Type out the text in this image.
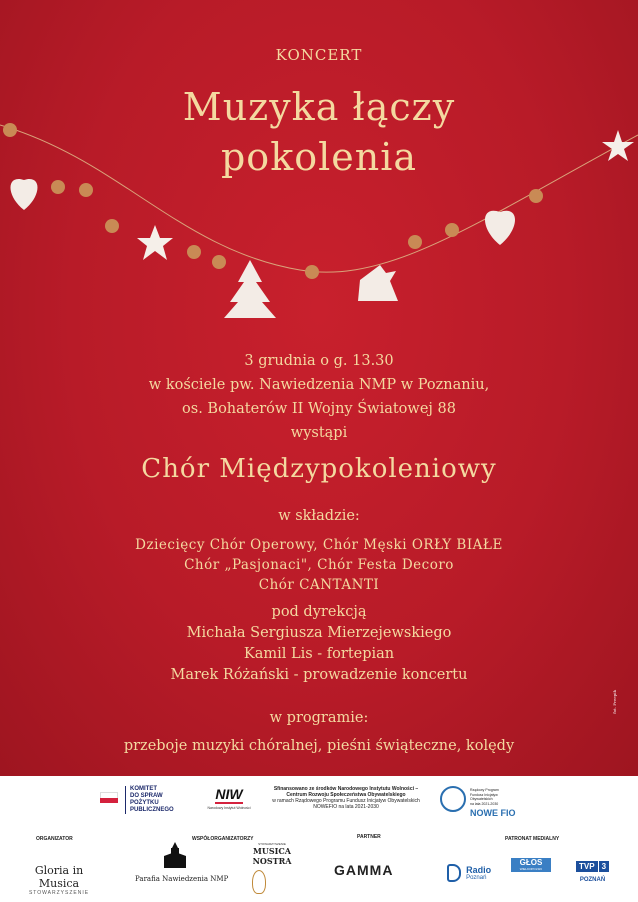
KONCERT
Muzyka łączy
pokolenia
3 grudnia o g. 13.30
w kościele pw. Nawiedzenia NMP w Poznaniu,
os. Bohaterów II Wojny Światowej 88
wystąpi
Chór Międzypokoleniowy
w składzie:
Dziecięcy Chór Operowy, Chór Męski ORŁY BIAŁE
Chór „Pasjonaci", Chór Festa Decoro
Chór CANTANTI
pod dyrekcją
Michała Sergiusza Mierzejewskiego
Kamil Lis - fortepian
Marek Różański - prowadzenie koncertu
w programie:
przeboje muzyki chóralnej, pieśni świąteczne, kolędy
fot. Freepik
KOMITET
DO SPRAW
POŻYTKU
PUBLICZNEGO
NIW
Narodowy Instytut Wolności
Sfinansowano ze środków Narodowego Instytutu Wolności –
Centrum Rozwoju Społeczeństwa Obywatelskiego
w ramach Rządowego Programu Fundusz Inicjatyw Obywatelskich
NOWEFIO na lata 2021-2030
Rządowy Program
Fundusz Inicjatyw
Obywatelskich
na lata 2021-2030
NOWE FIO
ORGANIZATOR	WSPÓŁORGANIZATORZY	PARTNER	PATRONAT MEDIALNY
Gloria in Musica
STOWARZYSZENIE
Parafia Nawiedzenia NMP
STOWARZYSZENIE
MUSICA
NOSTRA
GAMMA
	Radio
Poznań
GŁOS
WIELKOPOLSKI	TVP 3
POZNAŃ
